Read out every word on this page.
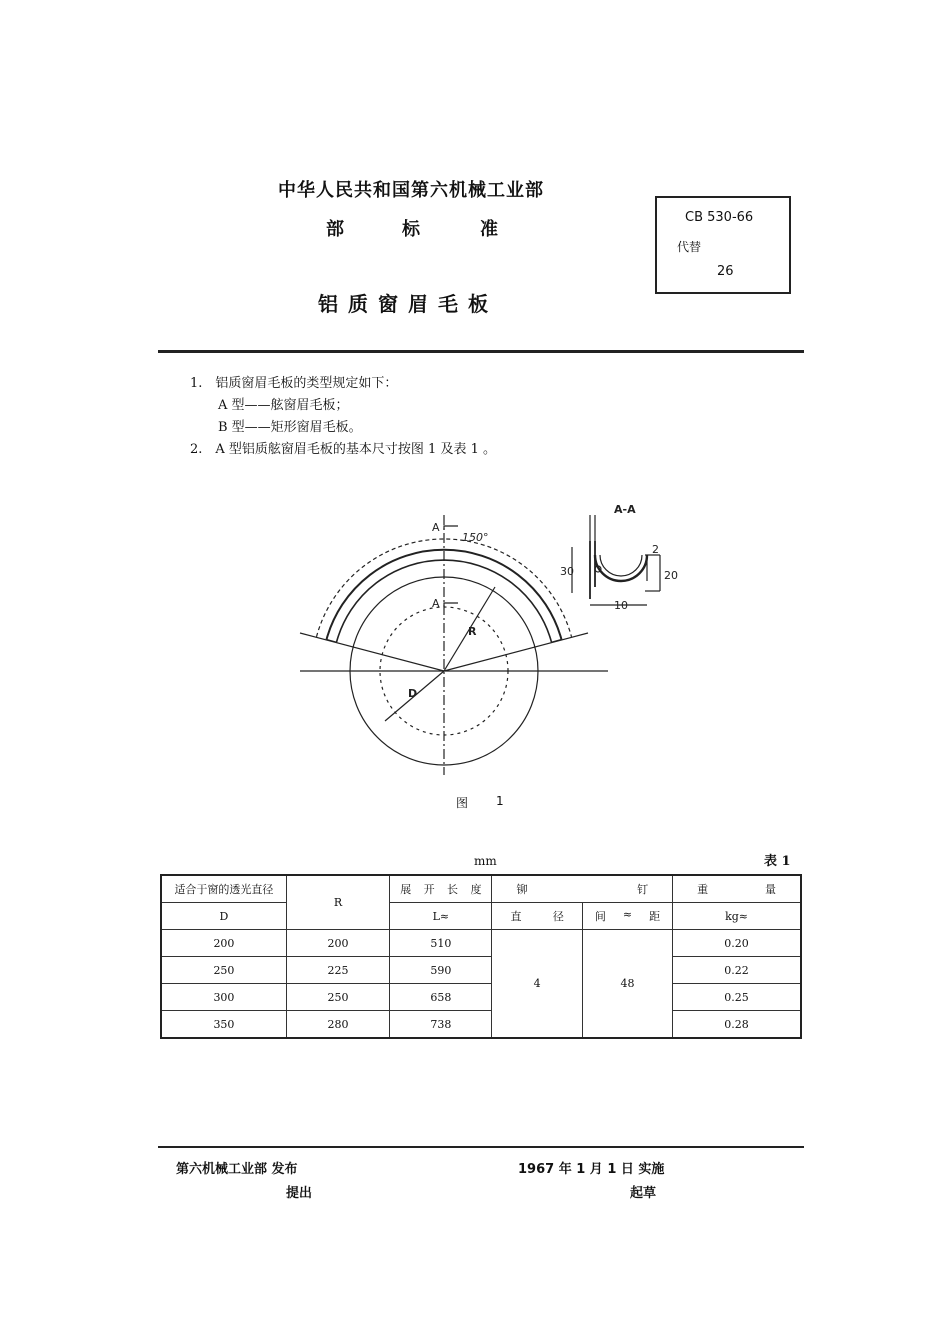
中华人民共和国第六机械工业部
部	标	准
铝质窗眉毛板
CB 530-66
代替
26
1.　铝质窗眉毛板的类型规定如下：
A 型——舷窗眉毛板；
B 型——矩形窗眉毛板。
2.　A 型铝质舷窗眉毛板的基本尺寸按图 1 及表 1 。
A
A
150°
R
D
A-A
30
2
20
10
图 1
mm	表 1
适合于窗的透光直径	R	展 开 长 度	铆 钉		重 量

D		L≈	直 径	间 ≈ 距	kg≈
200	200	510	4	48	0.20
250	225	590			0.22
300	250	658			0.25
350	280	738			0.28
第六机械工业部 发布
提出
1967 年 1 月 1 日 实施
起草
